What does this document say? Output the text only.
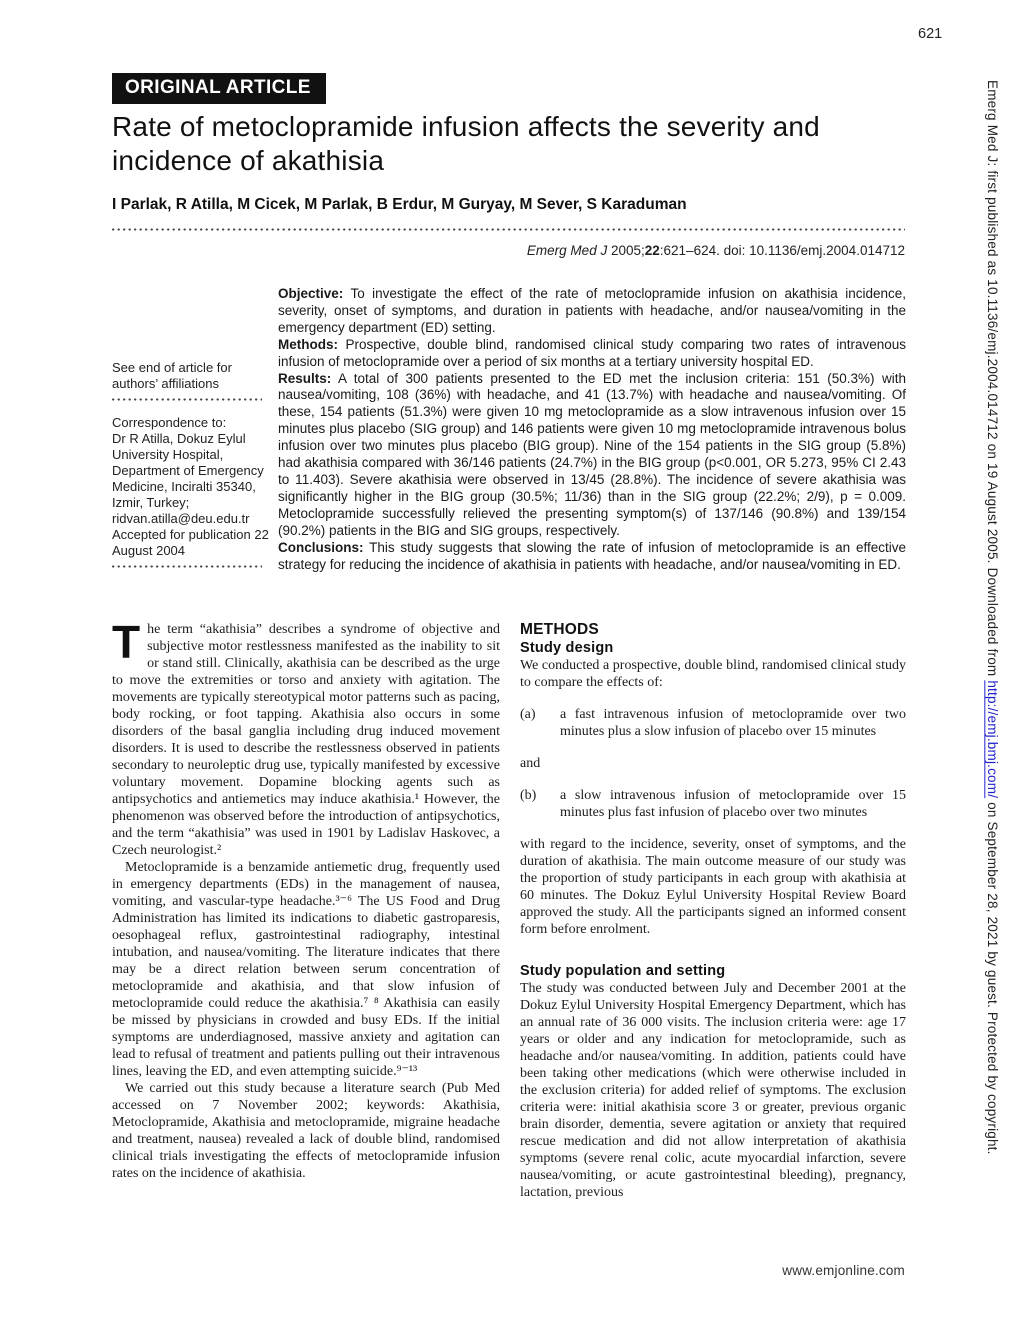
621
Emerg Med J: first published as 10.1136/emj.2004.014712 on 19 August 2005. Downloaded from http://emj.bmj.com/ on September 28, 2021 by guest. Protected by copyright.
ORIGINAL ARTICLE
Rate of metoclopramide infusion affects the severity and incidence of akathisia
I Parlak, R Atilla, M Cicek, M Parlak, B Erdur, M Guryay, M Sever, S Karaduman
Emerg Med J 2005;22:621–624. doi: 10.1136/emj.2004.014712

See end of article for authors’ affiliations

Correspondence to:

Dr R Atilla, Dokuz Eylul University Hospital, Department of Emergency Medicine, Inciralti 35340, Izmir, Turkey;

ridvan.atilla@deu.edu.tr

Accepted for publication 22 August 2004

Objective: To investigate the effect of the rate of metoclopramide infusion on akathisia incidence, severity, onset of symptoms, and duration in patients with headache, and/or nausea/vomiting in the emergency department (ED) setting.

Methods: Prospective, double blind, randomised clinical study comparing two rates of intravenous infusion of metoclopramide over a period of six months at a tertiary university hospital ED.

Results: A total of 300 patients presented to the ED met the inclusion criteria: 151 (50.3%) with nausea/vomiting, 108 (36%) with headache, and 41 (13.7%) with headache and nausea/vomiting. Of these, 154 patients (51.3%) were given 10 mg metoclopramide as a slow intravenous infusion over 15 minutes plus placebo (SIG group) and 146 patients were given 10 mg metoclopramide intravenous bolus infusion over two minutes plus placebo (BIG group). Nine of the 154 patients in the SIG group (5.8%) had akathisia compared with 36/146 patients (24.7%) in the BIG group (p<0.001, OR 5.273, 95% CI 2.43 to 11.403). Severe akathisia were observed in 13/45 (28.8%). The incidence of severe akathisia was significantly higher in the BIG group (30.5%; 11/36) than in the SIG group (22.2%; 2/9), p = 0.009. Metoclopramide successfully relieved the presenting symptom(s) of 137/146 (90.8%) and 139/154 (90.2%) patients in the BIG and SIG groups, respectively.

Conclusions: This study suggests that slowing the rate of infusion of metoclopramide is an effective strategy for reducing the incidence of akathisia in patients with headache, and/or nausea/vomiting in ED.

The term “akathisia” describes a syndrome of objective and subjective motor restlessness manifested as the inability to sit or stand still. Clinically, akathisia can be described as the urge to move the extremities or torso and anxiety with agitation. The movements are typically stereotypical motor patterns such as pacing, body rocking, or foot tapping. Akathisia also occurs in some disorders of the basal ganglia including drug induced movement disorders. It is used to describe the restlessness observed in patients secondary to neuroleptic drug use, typically manifested by excessive voluntary movement. Dopamine blocking agents such as antipsychotics and antiemetics may induce akathisia.¹ However, the phenomenon was observed before the introduction of antipsychotics, and the term “akathisia” was used in 1901 by Ladislav Haskovec, a Czech neurologist.²

Metoclopramide is a benzamide antiemetic drug, frequently used in emergency departments (EDs) in the management of nausea, vomiting, and vascular-type headache.³⁻⁶ The US Food and Drug Administration has limited its indications to diabetic gastroparesis, oesophageal reflux, gastrointestinal radiography, intestinal intubation, and nausea/vomiting. The literature indicates that there may be a direct relation between serum concentration of metoclopramide and akathisia, and that slow infusion of metoclopramide could reduce the akathisia.⁷ ⁸ Akathisia can easily be missed by physicians in crowded and busy EDs. If the initial symptoms are underdiagnosed, massive anxiety and agitation can lead to refusal of treatment and patients pulling out their intravenous lines, leaving the ED, and even attempting suicide.⁹⁻¹³

We carried out this study because a literature search (Pub Med accessed on 7 November 2002; keywords: Akathisia, Metoclopramide, Akathisia and metoclopramide, migraine headache and treatment, nausea) revealed a lack of double blind, randomised clinical trials investigating the effects of metoclopramide infusion rates on the incidence of akathisia.

METHODS
Study design

We conducted a prospective, double blind, randomised clinical study to compare the effects of:

(a) a fast intravenous infusion of metoclopramide over two minutes plus a slow infusion of placebo over 15 minutes

and

(b) a slow intravenous infusion of metoclopramide over 15 minutes plus fast infusion of placebo over two minutes

with regard to the incidence, severity, onset of symptoms, and the duration of akathisia. The main outcome measure of our study was the proportion of study participants in each group with akathisia at 60 minutes. The Dokuz Eylul University Hospital Review Board approved the study. All the participants signed an informed consent form before enrolment.

Study population and setting

The study was conducted between July and December 2001 at the Dokuz Eylul University Hospital Emergency Department, which has an annual rate of 36 000 visits. The inclusion criteria were: age 17 years or older and any indication for metoclopramide, such as headache and/or nausea/vomiting. In addition, patients could have been taking other medications (which were otherwise included in the exclusion criteria) for added relief of symptoms. The exclusion criteria were: initial akathisia score 3 or greater, previous organic brain disorder, dementia, severe agitation or anxiety that required rescue medication and did not allow interpretation of akathisia symptoms (severe renal colic, acute myocardial infarction, severe nausea/vomiting, or acute gastrointestinal bleeding), pregnancy, lactation, previous

www.emjonline.com
